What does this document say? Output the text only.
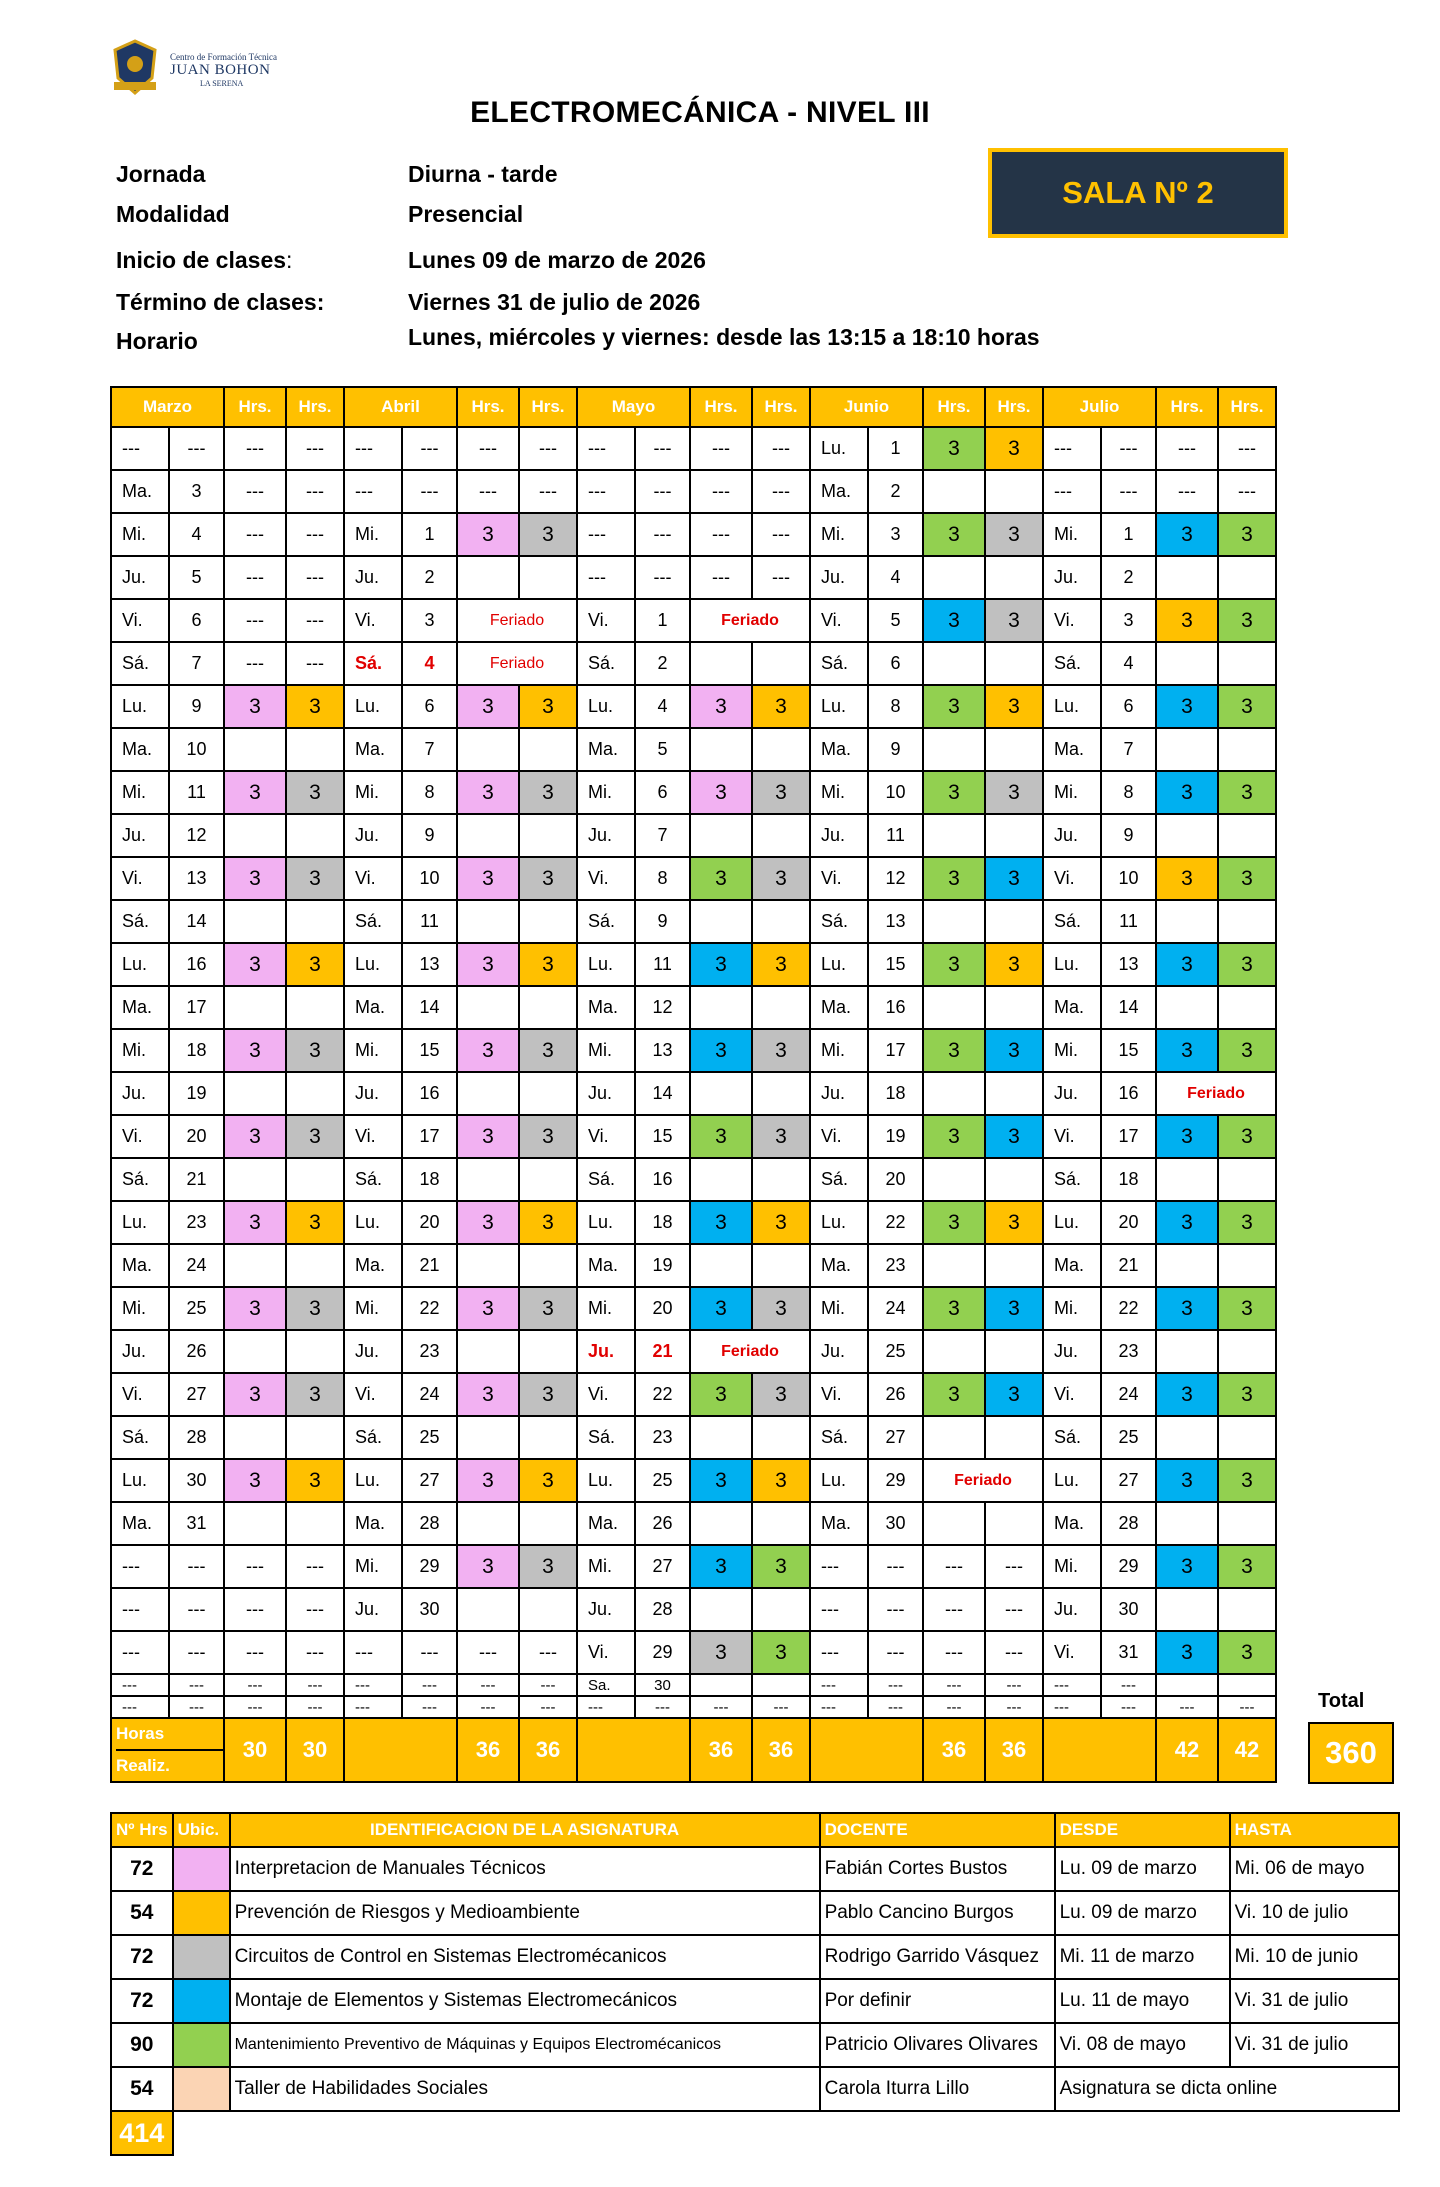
Centro de Formación Técnica
JUAN BOHON
LA SERENA
ELECTROMECÁNICA - NIVEL III
Jornada	Diurna - tarde
Modalidad	Presencial
Inicio de clases:	Lunes 09 de marzo de 2026
Término de clases:	Viernes 31 de julio de 2026
Horario	Lunes, miércoles y viernes: desde las 13:15 a 18:10 horas
SALA Nº 2
Marzo		Hrs.	Hrs.	Abril		Hrs.	Hrs.	Mayo		Hrs.	Hrs.	Junio		Hrs.	Hrs.	Julio		Hrs.	Hrs.
---	---	---	---	---	---	---	---	---	---	---	---	Lu.	1	3	3	---	---	---	---
Ma.	3	---	---	---	---	---	---	---	---	---	---	Ma.	2			---	---	---	---
Mi.	4	---	---	Mi.	1	3	3	---	---	---	---	Mi.	3	3	3	Mi.	1	3	3
Ju.	5	---	---	Ju.	2			---	---	---	---	Ju.	4			Ju.	2		
Vi.	6	---	---	Vi.	3	Feriado		Vi.	1	Feriado		Vi.	5	3	3	Vi.	3	3	3
Sá.	7	---	---	Sá.	4	Feriado		Sá.	2			Sá.	6			Sá.	4		
Lu.	9	3	3	Lu.	6	3	3	Lu.	4	3	3	Lu.	8	3	3	Lu.	6	3	3
Ma.	10			Ma.	7			Ma.	5			Ma.	9			Ma.	7		
Mi.	11	3	3	Mi.	8	3	3	Mi.	6	3	3	Mi.	10	3	3	Mi.	8	3	3
Ju.	12			Ju.	9			Ju.	7			Ju.	11			Ju.	9		
Vi.	13	3	3	Vi.	10	3	3	Vi.	8	3	3	Vi.	12	3	3	Vi.	10	3	3
Sá.	14			Sá.	11			Sá.	9			Sá.	13			Sá.	11		
Lu.	16	3	3	Lu.	13	3	3	Lu.	11	3	3	Lu.	15	3	3	Lu.	13	3	3
Ma.	17			Ma.	14			Ma.	12			Ma.	16			Ma.	14		
Mi.	18	3	3	Mi.	15	3	3	Mi.	13	3	3	Mi.	17	3	3	Mi.	15	3	3
Ju.	19			Ju.	16			Ju.	14			Ju.	18			Ju.	16	Feriado	
Vi.	20	3	3	Vi.	17	3	3	Vi.	15	3	3	Vi.	19	3	3	Vi.	17	3	3
Sá.	21			Sá.	18			Sá.	16			Sá.	20			Sá.	18		
Lu.	23	3	3	Lu.	20	3	3	Lu.	18	3	3	Lu.	22	3	3	Lu.	20	3	3
Ma.	24			Ma.	21			Ma.	19			Ma.	23			Ma.	21		
Mi.	25	3	3	Mi.	22	3	3	Mi.	20	3	3	Mi.	24	3	3	Mi.	22	3	3
Ju.	26			Ju.	23			Ju.	21	Feriado		Ju.	25			Ju.	23		
Vi.	27	3	3	Vi.	24	3	3	Vi.	22	3	3	Vi.	26	3	3	Vi.	24	3	3
Sá.	28			Sá.	25			Sá.	23			Sá.	27			Sá.	25		
Lu.	30	3	3	Lu.	27	3	3	Lu.	25	3	3	Lu.	29	Feriado		Lu.	27	3	3
Ma.	31			Ma.	28			Ma.	26			Ma.	30			Ma.	28		
---	---	---	---	Mi.	29	3	3	Mi.	27	3	3	---	---	---	---	Mi.	29	3	3
---	---	---	---	Ju.	30			Ju.	28			---	---	---	---	Ju.	30		
---	---	---	---	---	---	---	---	Vi.	29	3	3	---	---	---	---	Vi.	31	3	3
---	---	---	---	---	---	---	---	Sa.	30			---	---	---	---	---	---		
---	---	---	---	---	---	---	---	---	---	---	---	---	---	---	---	---	---	---	---

Horas
Realiz.		30	30			36	36			36	36			36	36			42	42
Total
360
Nº Hrs	Ubic.	IDENTIFICACION DE LA ASIGNATURA	DOCENTE	DESDE	HASTA
72		Interpretacion de Manuales Técnicos	Fabián Cortes Bustos	Lu. 09 de marzo	Mi. 06 de mayo
54		Prevención de Riesgos y Medioambiente	Pablo Cancino Burgos	Lu. 09 de marzo	Vi. 10 de julio
72		Circuitos de Control en Sistemas Electromécanicos	Rodrigo Garrido Vásquez	Mi. 11 de marzo	Mi. 10 de junio
72		Montaje de Elementos y Sistemas Electromecánicos	Por definir	Lu. 11 de mayo	Vi. 31 de julio
90		Mantenimiento Preventivo de Máquinas y Equipos Electromécanicos	Patricio Olivares Olivares	Vi. 08 de mayo	Vi. 31 de julio
54		Taller de Habilidades Sociales	Carola Iturra Lillo	Asignatura se dicta online	
414					
